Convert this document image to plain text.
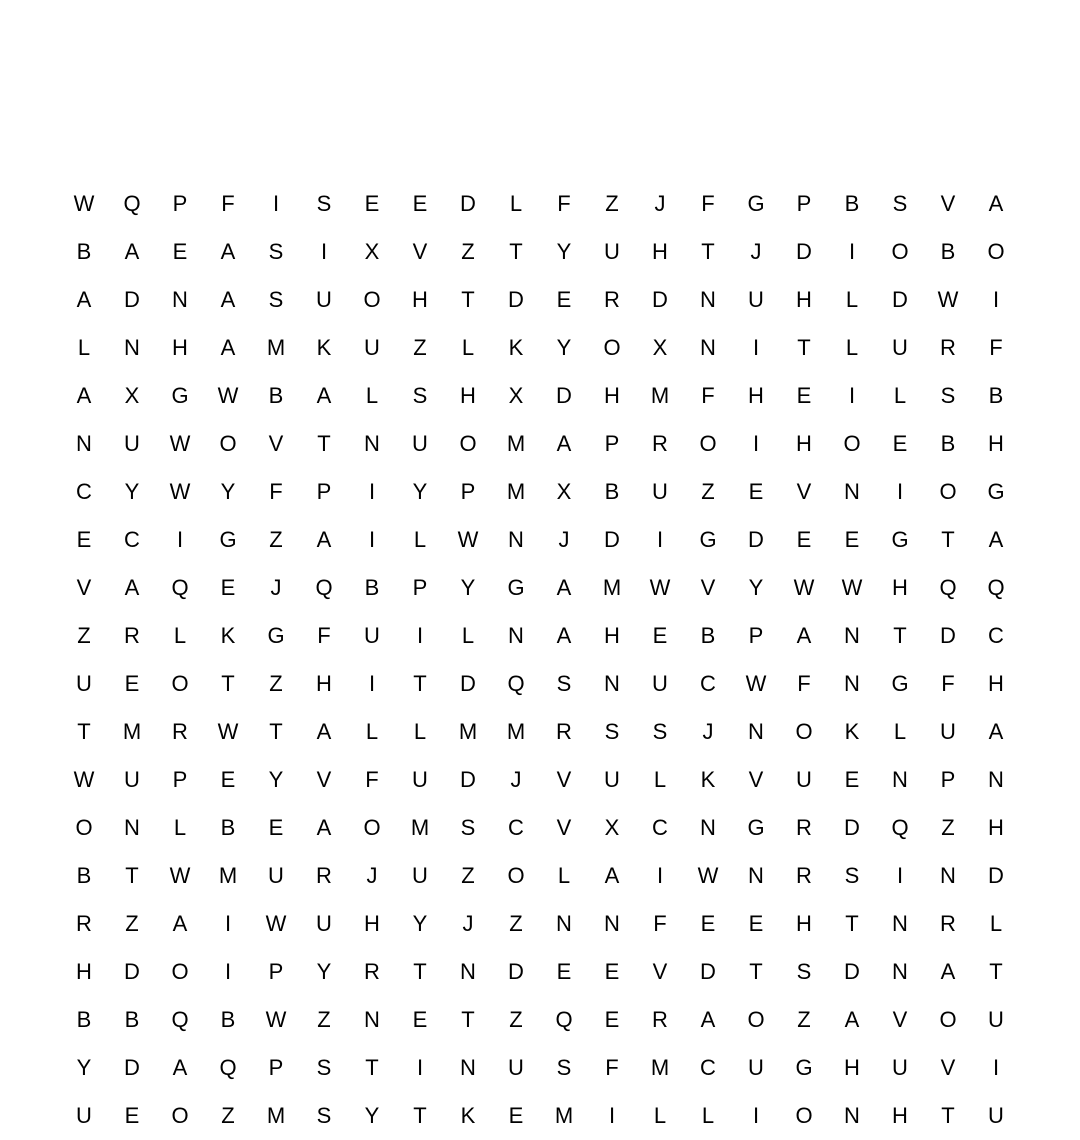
W	Q	P	F	I	S	E	E	D	L	F	Z	J	F	G	P	B	S	V	A
B	A	E	A	S	I	X	V	Z	T	Y	U	H	T	J	D	I	O	B	O
A	D	N	A	S	U	O	H	T	D	E	R	D	N	U	H	L	D	W	I
L	N	H	A	M	K	U	Z	L	K	Y	O	X	N	I	T	L	U	R	F
A	X	G	W	B	A	L	S	H	X	D	H	M	F	H	E	I	L	S	B
N	U	W	O	V	T	N	U	O	M	A	P	R	O	I	H	O	E	B	H
C	Y	W	Y	F	P	I	Y	P	M	X	B	U	Z	E	V	N	I	O	G
E	C	I	G	Z	A	I	L	W	N	J	D	I	G	D	E	E	G	T	A
V	A	Q	E	J	Q	B	P	Y	G	A	M	W	V	Y	W	W	H	Q	Q
Z	R	L	K	G	F	U	I	L	N	A	H	E	B	P	A	N	T	D	C
U	E	O	T	Z	H	I	T	D	Q	S	N	U	C	W	F	N	G	F	H
T	M	R	W	T	A	L	L	M	M	R	S	S	J	N	O	K	L	U	A
W	U	P	E	Y	V	F	U	D	J	V	U	L	K	V	U	E	N	P	N
O	N	L	B	E	A	O	M	S	C	V	X	C	N	G	R	D	Q	Z	H
B	T	W	M	U	R	J	U	Z	O	L	A	I	W	N	R	S	I	N	D
R	Z	A	I	W	U	H	Y	J	Z	N	N	F	E	E	H	T	N	R	L
H	D	O	I	P	Y	R	T	N	D	E	E	V	D	T	S	D	N	A	T
B	B	Q	B	W	Z	N	E	T	Z	Q	E	R	A	O	Z	A	V	O	U
Y	D	A	Q	P	S	T	I	N	U	S	F	M	C	U	G	H	U	V	I
U	E	O	Z	M	S	Y	T	K	E	M	I	L	L	I	O	N	H	T	U
